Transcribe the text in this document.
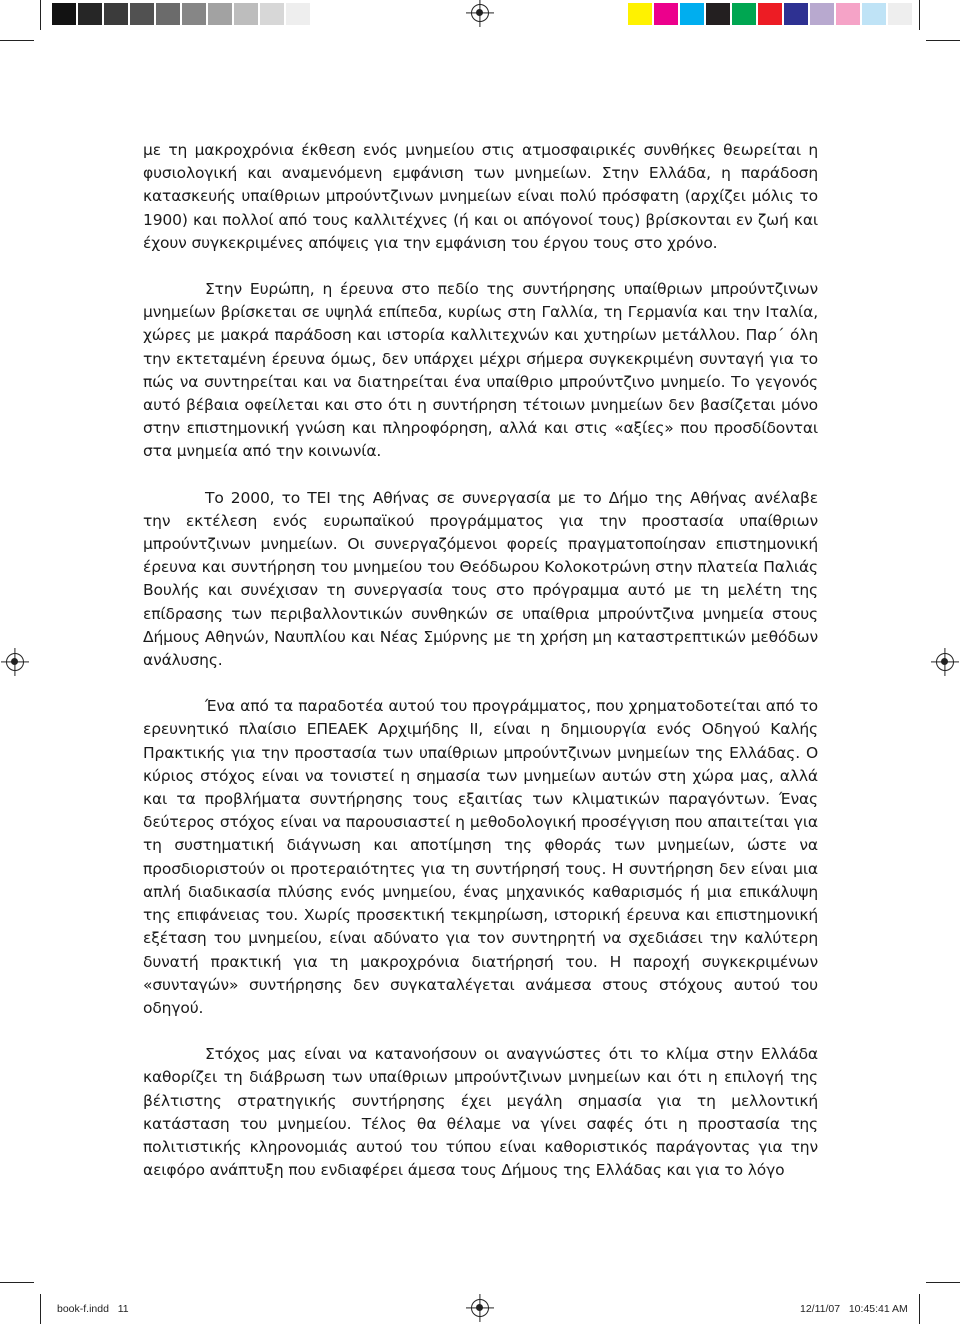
με τη μακροχρόνια έκθεση ενός μνημείου στις ατμοσφαιρικές συνθήκες θεωρείται η φυσιολογική και αναμενόμενη εμφάνιση των μνημείων. Στην Ελλάδα, η παράδοση κατασκευής υπαίθριων μπρούντζινων μνημείων είναι πολύ πρόσφατη (αρχίζει μόλις το 1900) και πολλοί από τους καλλιτέχνες (ή και οι απόγονοί τους) βρίσκονται εν ζωή και έχουν συγκεκριμένες απόψεις για την εμφάνιση του έργου τους στο χρόνο.

Στην Ευρώπη, η έρευνα στο πεδίο της συντήρησης υπαίθριων μπρούντζινων μνημείων βρίσκεται σε υψηλά επίπεδα, κυρίως στη Γαλλία, τη Γερμανία και την Ιταλία, χώρες με μακρά παράδοση και ιστορία καλλιτεχνών και χυτηρίων μετάλλου. Παρ΄ όλη την εκτεταμένη έρευνα όμως, δεν υπάρχει μέχρι σήμερα συγκεκριμένη συνταγή για το πώς να συντηρείται και να διατηρείται ένα υπαίθριο μπρούντζινο μνημείο. Το γεγονός αυτό βέβαια οφείλεται και στο ότι η συντήρηση τέτοιων μνημείων δεν βασίζεται μόνο στην επιστημονική γνώση και πληροφόρηση, αλλά και στις «αξίες» που προσδίδονται στα μνημεία από την κοινωνία.

Το 2000, το ΤΕΙ της Αθήνας σε συνεργασία με το Δήμο της Αθήνας ανέλαβε την εκτέλεση ενός ευρωπαϊκού προγράμματος για την προστασία υπαίθριων μπρούντζινων μνημείων. Οι συνεργαζόμενοι φορείς πραγματοποίησαν επιστημονική έρευνα και συντήρηση του μνημείου του Θεόδωρου Κολοκοτρώνη στην πλατεία Παλιάς Βουλής και συνέχισαν τη συνεργασία τους στο πρόγραμμα αυτό με τη μελέτη της επίδρασης των περιβαλλοντικών συνθηκών σε υπαίθρια μπρούντζινα μνημεία στους Δήμους Αθηνών, Ναυπλίου και Νέας Σμύρνης με τη χρήση μη καταστρεπτικών μεθόδων ανάλυσης.

Ένα από τα παραδοτέα αυτού του προγράμματος, που χρηματοδοτείται από το ερευνητικό πλαίσιο ΕΠΕΑΕΚ Αρχιμήδης ΙΙ, είναι η δημιουργία ενός Οδηγού Καλής Πρακτικής για την προστασία των υπαίθριων μπρούντζινων μνημείων της Ελλάδας. Ο κύριος στόχος είναι να τονιστεί η σημασία των μνημείων αυτών στη χώρα μας, αλλά και τα προβλήματα συντήρησης τους εξαιτίας των κλιματικών παραγόντων. Ένας δεύτερος στόχος είναι να παρουσιαστεί η μεθοδολογική προσέγγιση που απαιτείται για τη συστηματική διάγνωση και αποτίμηση της φθοράς των μνημείων, ώστε να προσδιοριστούν οι προτεραιότητες για τη συντήρησή τους. Η συντήρηση δεν είναι μια απλή διαδικασία πλύσης ενός μνημείου, ένας μηχανικός καθαρισμός ή μια επικάλυψη της επιφάνειας του. Χωρίς προσεκτική τεκμηρίωση, ιστορική έρευνα και επιστημονική εξέταση του μνημείου, είναι αδύνατο για τον συντηρητή να σχεδιάσει την καλύτερη δυνατή πρακτική για τη μακροχρόνια διατήρησή του. Η παροχή συγκεκριμένων «συνταγών» συντήρησης δεν συγκαταλέγεται ανάμεσα στους στόχους αυτού του οδηγού.

Στόχος μας είναι να κατανοήσουν οι αναγνώστες ότι το κλίμα στην Ελλάδα καθορίζει τη διάβρωση των υπαίθριων μπρούντζινων μνημείων και ότι η επιλογή της βέλτιστης στρατηγικής συντήρησης έχει μεγάλη σημασία για τη μελλοντική κατάσταση του μνημείου. Τέλος θα θέλαμε να γίνει σαφές ότι η προστασία της πολιτιστικής κληρονομιάς αυτού του τύπου είναι καθοριστικός παράγοντας για την αειφόρο ανάπτυξη που ενδιαφέρει άμεσα τους Δήμους της Ελλάδας και για το λόγο

book-f.indd   11	12/11/07   10:45:41 AM
